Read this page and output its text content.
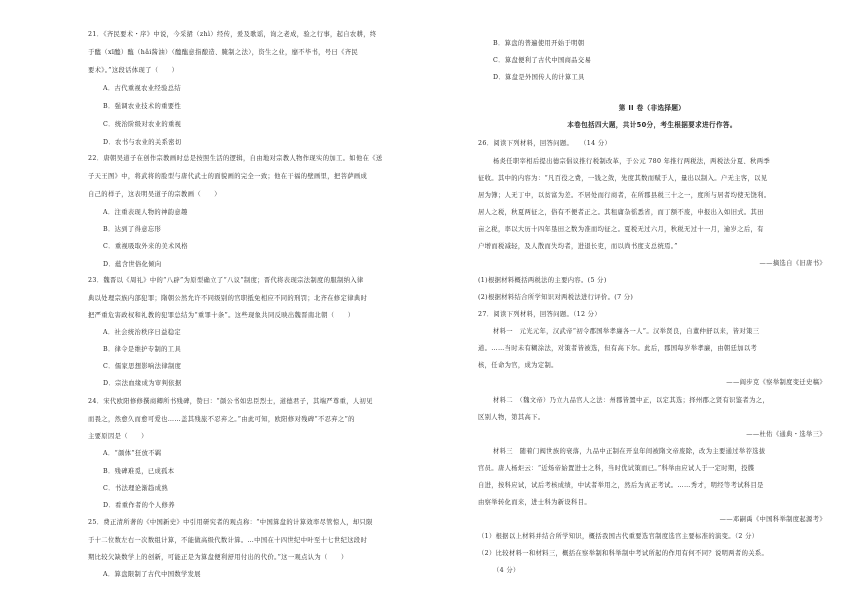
21．《齐民要术・序》中说，今采捃（zhì）经传，爰及歌谣，询之老成，验之行事，起自农耕，终
于醯（xī醯）醢（hǎi酱油）（醯醢意指酿造、腌制之法），资生之业，靡不毕书，号曰《齐民
要术》。”这段话体现了（　　）
A．古代重视农业经验总结
B．强调农业技术的重要性
C．统治阶级对农业的重视
D．农书与农业的关系密切
22．唐朝吴道子在创作宗教画时总是按照生活的逻辑，自由地对宗教人物作现实的加工。如他在《送
子天王图》中，将武将的脸型与唐代武士的面貌画的完全一致；他在干福的壁画里，把菩萨画成
自己的样子，这表明吴道子的宗教画（　　）
A．注重表现人物的神韵意趣
B．达到了得意忘形
C．重视吸取外来的美术风格
D．蕴含世俗化倾向
23．魏晋以《周礼》中的“八辟”为原型确立了“八议”制度；晋代将表现宗法制度的服制纳入律
典以处理宗族内部犯罪；隋朝公然允许不同级别的官职抵免相应不同的刑罚；北齐在修定律典时
把严重危害政权和礼教的犯罪总结为“重罪十条”。这些现象共同反映出魏晋南北朝（　　）
A．社会统治秩序日益稳定
B．律令是维护专制的工具
C．儒家思想影响法律制度
D．宗法血缘成为审判依据
24．宋代欧阳修修撰商卿所书残碑，赞曰：“颜公书如忠臣烈士，道德君子，其端严尊重，人初见
而畏之，然愈久而愈可爱也……盖其残旅不忍弃之。”由此可知，欧阳修对残碑“不忍弃之”的
主要原因是（　　）
A．“颜体”狂放不羁
B．残碑难觅，已成孤本
C．书法理论渐趋成熟
D．看重作者的个人修养
25．费正清所著的《中国新史》中引用研究者的观点称：“中国算盘的计算效率尽管惊人，却只限
于十二位数左右一次数组计算，不能做高级代数计算。…中国在十四世纪中叶至十七世纪这段时
期比较欠缺数学上的创新，可能正是为算盘便利舒用付出的代价。”这一观点认为（　　）
A．算盘限制了古代中国数学发展
B．算盘的普遍使用开始于明朝
C．算盘便利了古代中国商品交易
D．算盘是外国传人的计算工具
第 II 卷（非选择题）
本卷包括四大题，共计50分，考生根据要求进行作答。
26．阅读下列材料，回答问题。　　（14 分）
杨炎任职宰相后提出德宗倡议推行税制改革，于公元 780 年推行两税法，两税法分夏、秋两季
征收。其中的内容为：“凡百役之费，一钱之敛，先度其数而赋于人，量出以制入。户无主客，以见
居为簿；人无丁中，以贫富为差。不居处而行商者，在所郡县税三十之一，度所与居者均使无饶利。
居人之税，秋夏两征之，俗有不便者正之。其租庸杂徭悉省，而丁额不废，申报出入如旧式。其田
亩之税，率以大历十四年垦田之数为准而均征之。夏税无过六月，秋税无过十一月，逾岁之后，有
户增而税减轻，及人散而失均者，进退长吏，而以尚书度支总统焉。”
——摘选自《旧唐书》
(1)根据材料概括两税法的主要内容。(5 分)
(2)根据材料结合所学知识对两税法进行评价。(7 分)
27．阅读下列材料，回答问题。（12 分）
材料一　元光元年，汉武帝“初令郡国举孝廉各一人”。汉举贤良，自董仲舒以来，皆对策三
道。……当时未有糊涂法，对策者皆被选，但有高下尔。此后，郡国每岁举孝廉，由朝廷加以考
核，任命为官，成为定制。
——阎步克《察举制度变迁史稿》
材料二　（魏文帝）乃立九品官人之法：州郡皆置中正，以定其选；择州郡之贤有识鉴者为之，
区别人物，第其高下。
——杜佑《通典・选举三》
材料三　随着门阀世族的衰落，九品中正制在开皇年间被隋文帝废除，改为主要通过举荐选拔
官员。唐人杨炬云：“近炀帝始置进士之科，当时优试策而已。”科举由应试人于一定时期，投牒
自进，按科应试，试后考核成绩，中试者举用之，然后为真正考试。……秀才，明经等考试科目是
由察举转化而来，进士科为新设科目。
——邓嗣禹《中国科举制度起源考》
（1）根据以上材料并结合所学知识，概括我国古代重要选官制度选官主要标准的演变。（2 分）
（2）比较材料一和材料三，概括在察举制和科举制中考试所起的作用有何不同？说明两者的关系。
（4 分）
